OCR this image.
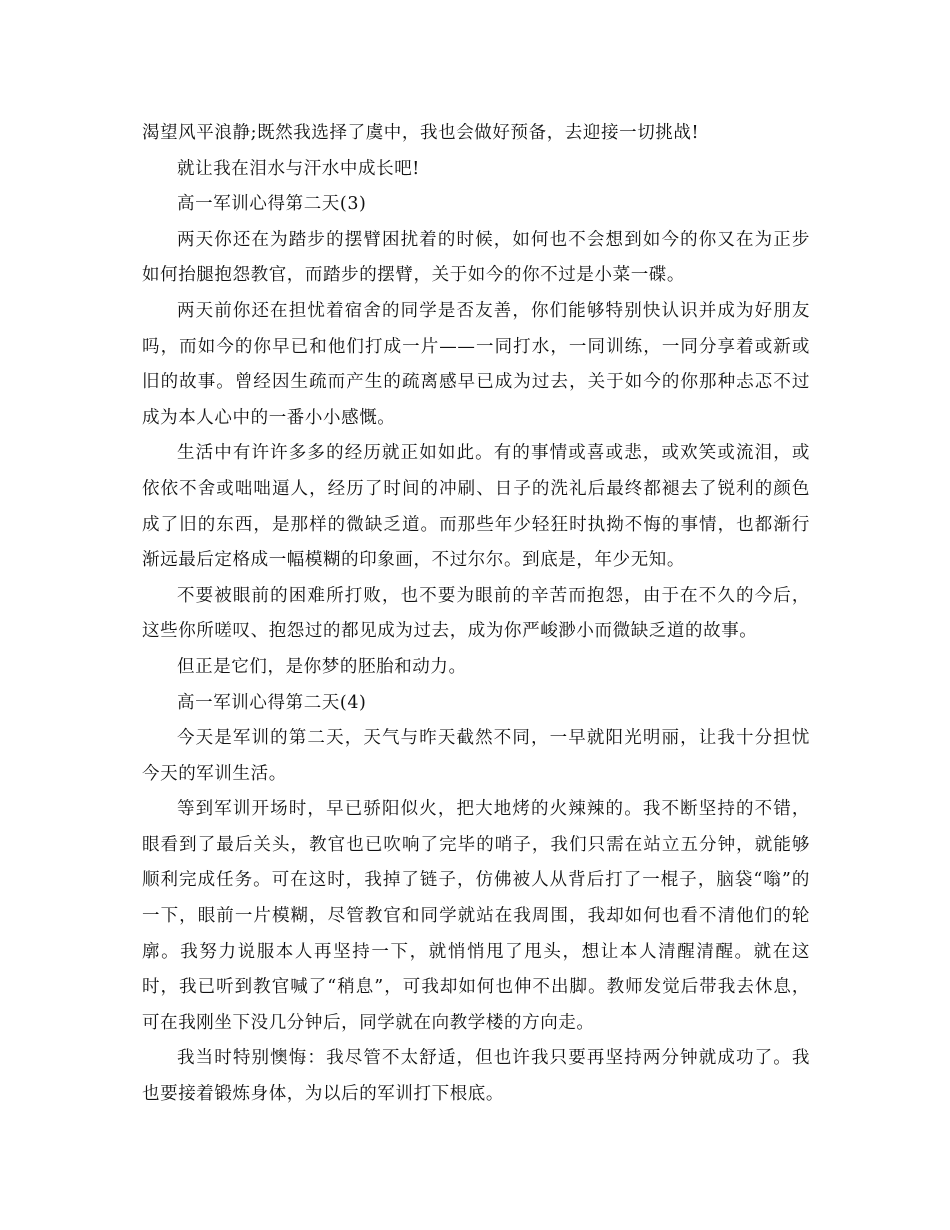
渴望风平浪静;既然我选择了虞中，我也会做好预备，去迎接一切挑战!

就让我在泪水与汗水中成长吧!

高一军训心得第二天(3)

两天你还在为踏步的摆臂困扰着的时候，如何也不会想到如今的你又在为正步如何抬腿抱怨教官，而踏步的摆臂，关于如今的你不过是小菜一碟。

两天前你还在担忧着宿舍的同学是否友善，你们能够特别快认识并成为好朋友吗，而如今的你早已和他们打成一片——一同打水，一同训练，一同分享着或新或旧的故事。曾经因生疏而产生的疏离感早已成为过去，关于如今的你那种忐忑不过成为本人心中的一番小小感慨。

生活中有许许多多的经历就正如如此。有的事情或喜或悲，或欢笑或流泪，或依依不舍或咄咄逼人，经历了时间的冲刷、日子的洗礼后最终都褪去了锐利的颜色成了旧的东西，是那样的微缺乏道。而那些年少轻狂时执拗不悔的事情，也都渐行渐远最后定格成一幅模糊的印象画，不过尔尔。到底是，年少无知。

不要被眼前的困难所打败，也不要为眼前的辛苦而抱怨，由于在不久的今后，这些你所嗟叹、抱怨过的都见成为过去，成为你严峻渺小而微缺乏道的故事。

但正是它们，是你梦的胚胎和动力。

高一军训心得第二天(4)

今天是军训的第二天，天气与昨天截然不同，一早就阳光明丽，让我十分担忧今天的军训生活。

等到军训开场时，早已骄阳似火，把大地烤的火辣辣的。我不断坚持的不错，眼看到了最后关头，教官也已吹响了完毕的哨子，我们只需在站立五分钟，就能够顺利完成任务。可在这时，我掉了链子，仿佛被人从背后打了一棍子，脑袋“嗡”的一下，眼前一片模糊，尽管教官和同学就站在我周围，我却如何也看不清他们的轮廓。我努力说服本人再坚持一下，就悄悄甩了甩头，想让本人清醒清醒。就在这时，我已听到教官喊了“稍息”，可我却如何也伸不出脚。教师发觉后带我去休息，可在我刚坐下没几分钟后，同学就在向教学楼的方向走。

我当时特别懊悔：我尽管不太舒适，但也许我只要再坚持两分钟就成功了。我也要接着锻炼身体，为以后的军训打下根底。
